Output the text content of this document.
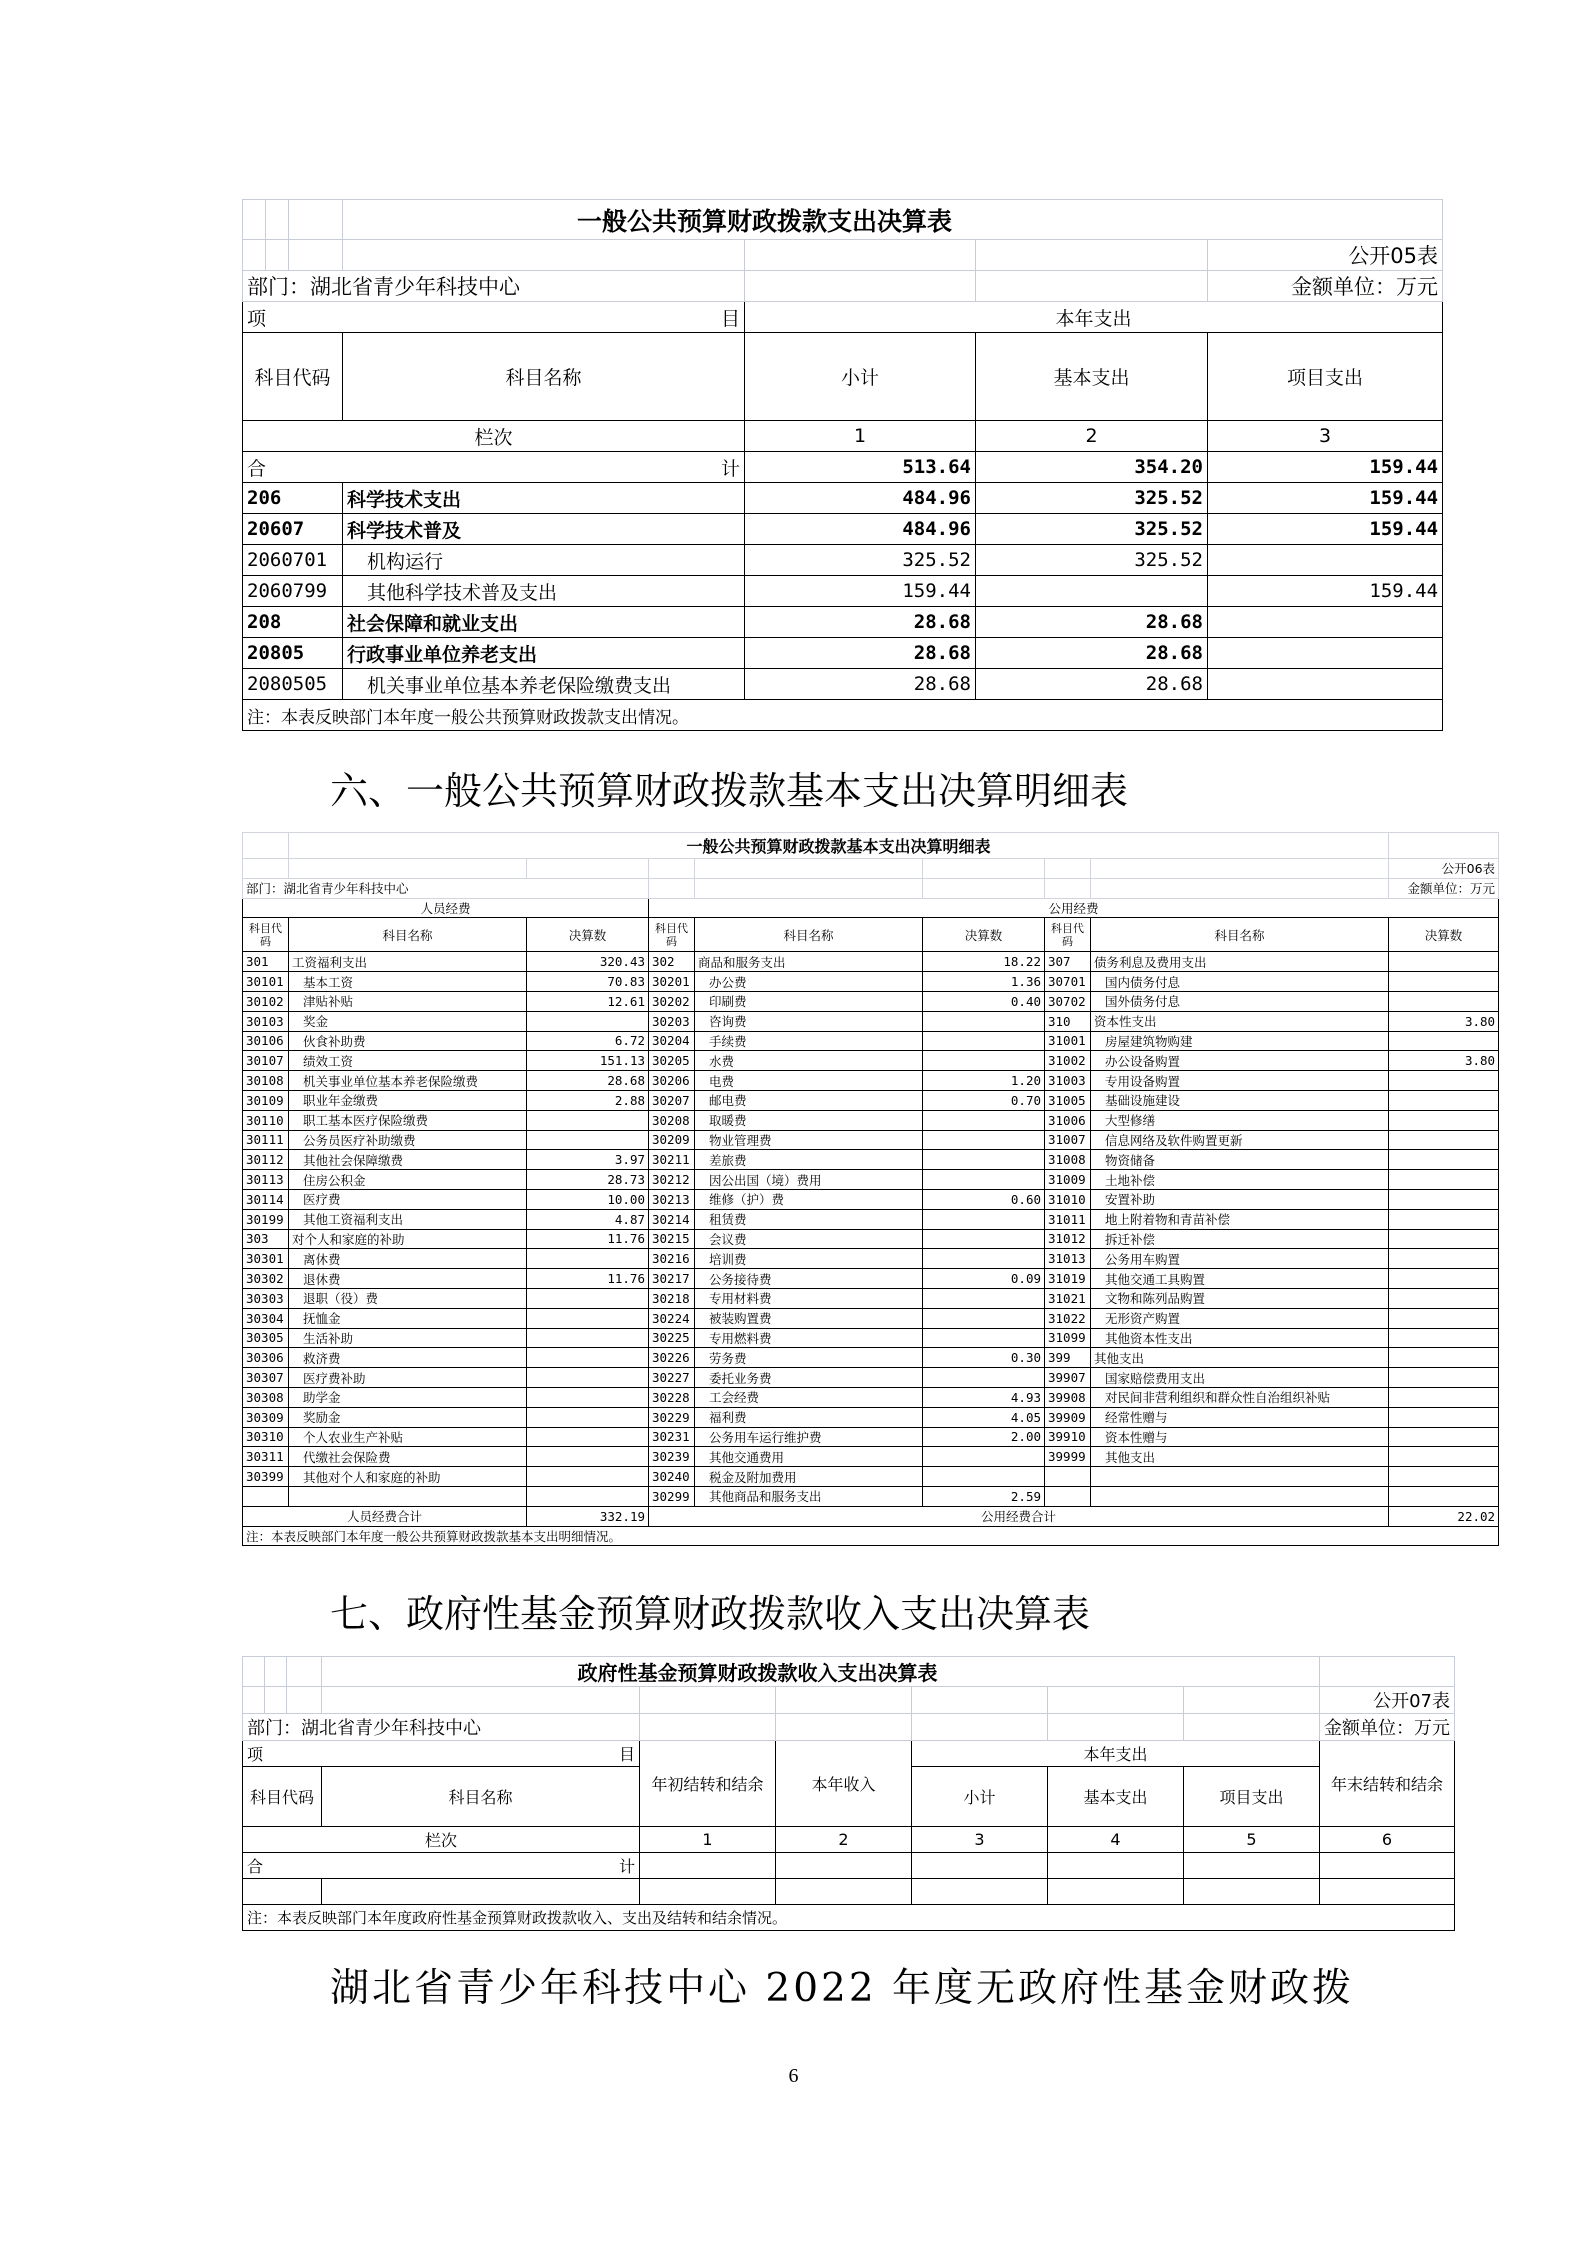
			一般公共预算财政拨款支出决算表			
						公开05表
部门：湖北省青少年科技中心						金额单位：万元
项 目				本年支出		
科目代码			科目名称	小计	基本支出	项目支出
栏次				1	2	3
合 计				513.64	354.20	159.44
206			科学技术支出	484.96	325.52	159.44
20607			科学技术普及	484.96	325.52	159.44
2060701			机构运行	325.52	325.52	
2060799			其他科学技术普及支出	159.44		159.44
208			社会保障和就业支出	28.68	28.68	
20805			行政事业单位养老支出	28.68	28.68	
2080505			机关事业单位基本养老保险缴费支出	28.68	28.68	
注：本表反映部门本年度一般公共预算财政拨款支出情况。						
六、一般公共预算财政拨款基本支出决算明细表
	一般公共预算财政拨款基本支出决算明细表							
								公开06表
部门：湖北省青少年科技中心								金额单位：万元
人员经费			公用经费					
科目代码	科目名称	决算数	科目代码	科目名称	决算数	科目代码	科目名称	决算数
301	工资福利支出	320.43	302	商品和服务支出	18.22	307	债务利息及费用支出	
30101	基本工资	70.83	30201	办公费	1.36	30701	国内债务付息	
30102	津贴补贴	12.61	30202	印刷费	0.40	30702	国外债务付息	
30103	奖金		30203	咨询费		310	资本性支出	3.80
30106	伙食补助费	6.72	30204	手续费		31001	房屋建筑物购建	
30107	绩效工资	151.13	30205	水费		31002	办公设备购置	3.80
30108	机关事业单位基本养老保险缴费	28.68	30206	电费	1.20	31003	专用设备购置	
30109	职业年金缴费	2.88	30207	邮电费	0.70	31005	基础设施建设	
30110	职工基本医疗保险缴费		30208	取暖费		31006	大型修缮	
30111	公务员医疗补助缴费		30209	物业管理费		31007	信息网络及软件购置更新	
30112	其他社会保障缴费	3.97	30211	差旅费		31008	物资储备	
30113	住房公积金	28.73	30212	因公出国（境）费用		31009	土地补偿	
30114	医疗费	10.00	30213	维修（护）费	0.60	31010	安置补助	
30199	其他工资福利支出	4.87	30214	租赁费		31011	地上附着物和青苗补偿	
303	对个人和家庭的补助	11.76	30215	会议费		31012	拆迁补偿	
30301	离休费		30216	培训费		31013	公务用车购置	
30302	退休费	11.76	30217	公务接待费	0.09	31019	其他交通工具购置	
30303	退职（役）费		30218	专用材料费		31021	文物和陈列品购置	
30304	抚恤金		30224	被装购置费		31022	无形资产购置	
30305	生活补助		30225	专用燃料费		31099	其他资本性支出	
30306	救济费		30226	劳务费	0.30	399	其他支出	
30307	医疗费补助		30227	委托业务费		39907	国家赔偿费用支出	
30308	助学金		30228	工会经费	4.93	39908	对民间非营利组织和群众性自治组织补贴	
30309	奖励金		30229	福利费	4.05	39909	经常性赠与	
30310	个人农业生产补贴		30231	公务用车运行维护费	2.00	39910	资本性赠与	
30311	代缴社会保险费		30239	其他交通费用		39999	其他支出	
30399	其他对个人和家庭的补助		30240	税金及附加费用				
			30299	其他商品和服务支出	2.59			
人员经费合计		332.19	公用经费合计					22.02
注：本表反映部门本年度一般公共预算财政拨款基本支出明细情况。								
七、政府性基金预算财政拨款收入支出决算表
			政府性基金预算财政拨款收入支出决算表						
									公开07表
部门：湖北省青少年科技中心									金额单位：万元
项 目				年初结转和结余	本年收入	本年支出			年末结转和结余
科目代码			科目名称			小计	基本支出	项目支出	
栏次				1	2	3	4	5	6
合 计									

注：本表反映部门本年度政府性基金预算财政拨款收入、支出及结转和结余情况。									
湖北省青少年科技中心 2022 年度无政府性基金财政拨
6
